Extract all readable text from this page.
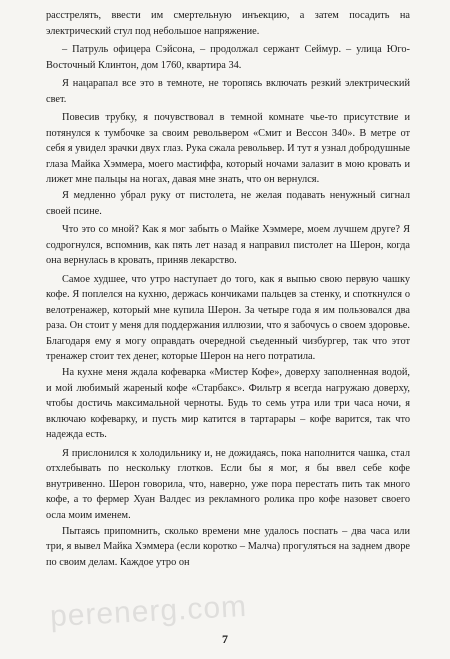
расстрелять, ввести им смертельную инъекцию, а затем посадить на электрический стул под небольшое напряжение.

– Патруль офицера Сэйсона, – продолжал сержант Сеймур. – улица Юго-Восточный Клинтон, дом 1760, квартира 34.

Я нацарапал все это в темноте, не торопясь включать резкий электрический свет.

Повесив трубку, я почувствовал в темной комнате чье-то присутствие и потянулся к тумбочке за своим револьвером «Смит и Вессон 340». В метре от себя я увидел зрачки двух глаз. Рука сжала револьвер. И тут я узнал добродушные глаза Майка Хэммера, моего мастиффа, который ночами залазит в мою кровать и лижет мне пальцы на ногах, давая мне знать, что он вернулся.

Я медленно убрал руку от пистолета, не желая подавать ненужный сигнал своей псине.

Что это со мной? Как я мог забыть о Майке Хэммере, моем лучшем друге? Я содрогнулся, вспомнив, как пять лет назад я направил пистолет на Шерон, когда она вернулась в кровать, приняв лекарство.

Самое худшее, что утро наступает до того, как я выпью свою первую чашку кофе. Я поплелся на кухню, держась кончиками пальцев за стенку, и споткнулся о велотренажер, который мне купила Шерон. За четыре года я им пользовался два раза. Он стоит у меня для поддержания иллюзии, что я забочусь о своем здоровье. Благодаря ему я могу оправдать очередной съеденный чизбургер, так что этот тренажер стоит тех денег, которые Шерон на него потратила.

На кухне меня ждала кофеварка «Мистер Кофе», доверху заполненная водой, и мой любимый жареный кофе «Старбакс». Фильтр я всегда нагружаю доверху, чтобы достичь максимальной черноты. Будь то семь утра или три часа ночи, я включаю кофеварку, и пусть мир катится в тартарары – кофе варится, так что надежда есть.

Я прислонился к холодильнику и, не дожидаясь, пока наполнится чашка, стал отхлебывать по нескольку глотков. Если бы я мог, я бы ввел себе кофе внутривенно. Шерон говорила, что, наверно, уже пора перестать пить так много кофе, а то фермер Хуан Валдес из рекламного ролика про кофе назовет своего осла моим именем.

Пытаясь припомнить, сколько времени мне удалось поспать – два часа или три, я вывел Майка Хэммера (если коротко – Малча) прогуляться на заднем дворе по своим делам. Каждое утро он

perenerg.com
7
